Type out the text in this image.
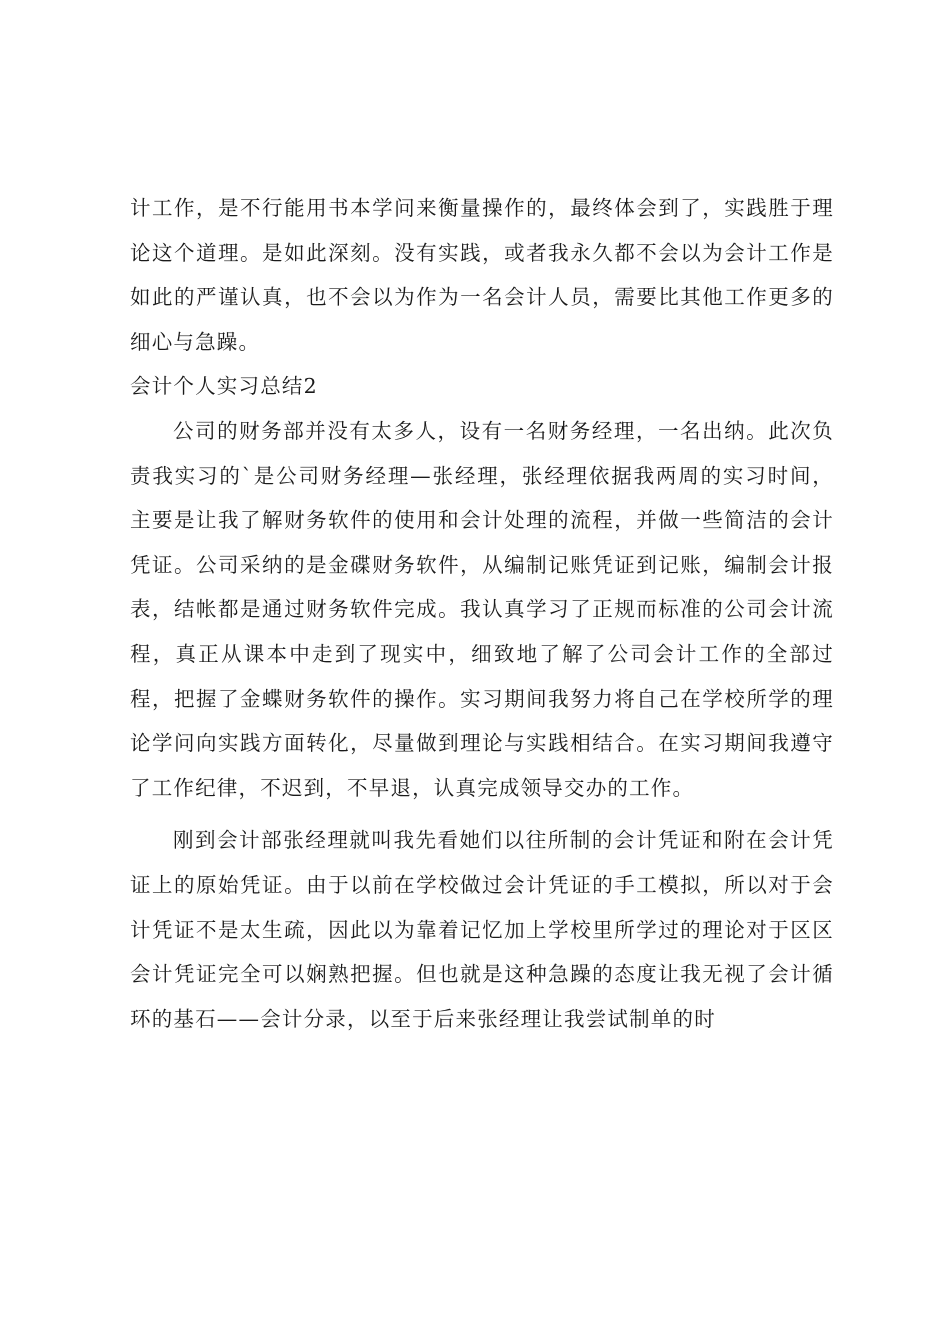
计工作，是不行能用书本学问来衡量操作的，最终体会到了，实践胜于理论这个道理。是如此深刻。没有实践，或者我永久都不会以为会计工作是如此的严谨认真，也不会以为作为一名会计人员，需要比其他工作更多的细心与急躁。

会计个人实习总结2

公司的财务部并没有太多人，设有一名财务经理，一名出纳。此次负责我实习的`是公司财务经理—张经理，张经理依据我两周的实习时间，主要是让我了解财务软件的使用和会计处理的流程，并做一些简洁的会计凭证。公司采纳的是金碟财务软件，从编制记账凭证到记账，编制会计报表，结帐都是通过财务软件完成。我认真学习了正规而标准的公司会计流程，真正从课本中走到了现实中，细致地了解了公司会计工作的全部过程，把握了金蝶财务软件的操作。实习期间我努力将自己在学校所学的理论学问向实践方面转化，尽量做到理论与实践相结合。在实习期间我遵守了工作纪律，不迟到，不早退，认真完成领导交办的工作。

刚到会计部张经理就叫我先看她们以往所制的会计凭证和附在会计凭证上的原始凭证。由于以前在学校做过会计凭证的手工模拟，所以对于会计凭证不是太生疏，因此以为靠着记忆加上学校里所学过的理论对于区区会计凭证完全可以娴熟把握。但也就是这种急躁的态度让我无视了会计循环的基石——会计分录，以至于后来张经理让我尝试制单的时
